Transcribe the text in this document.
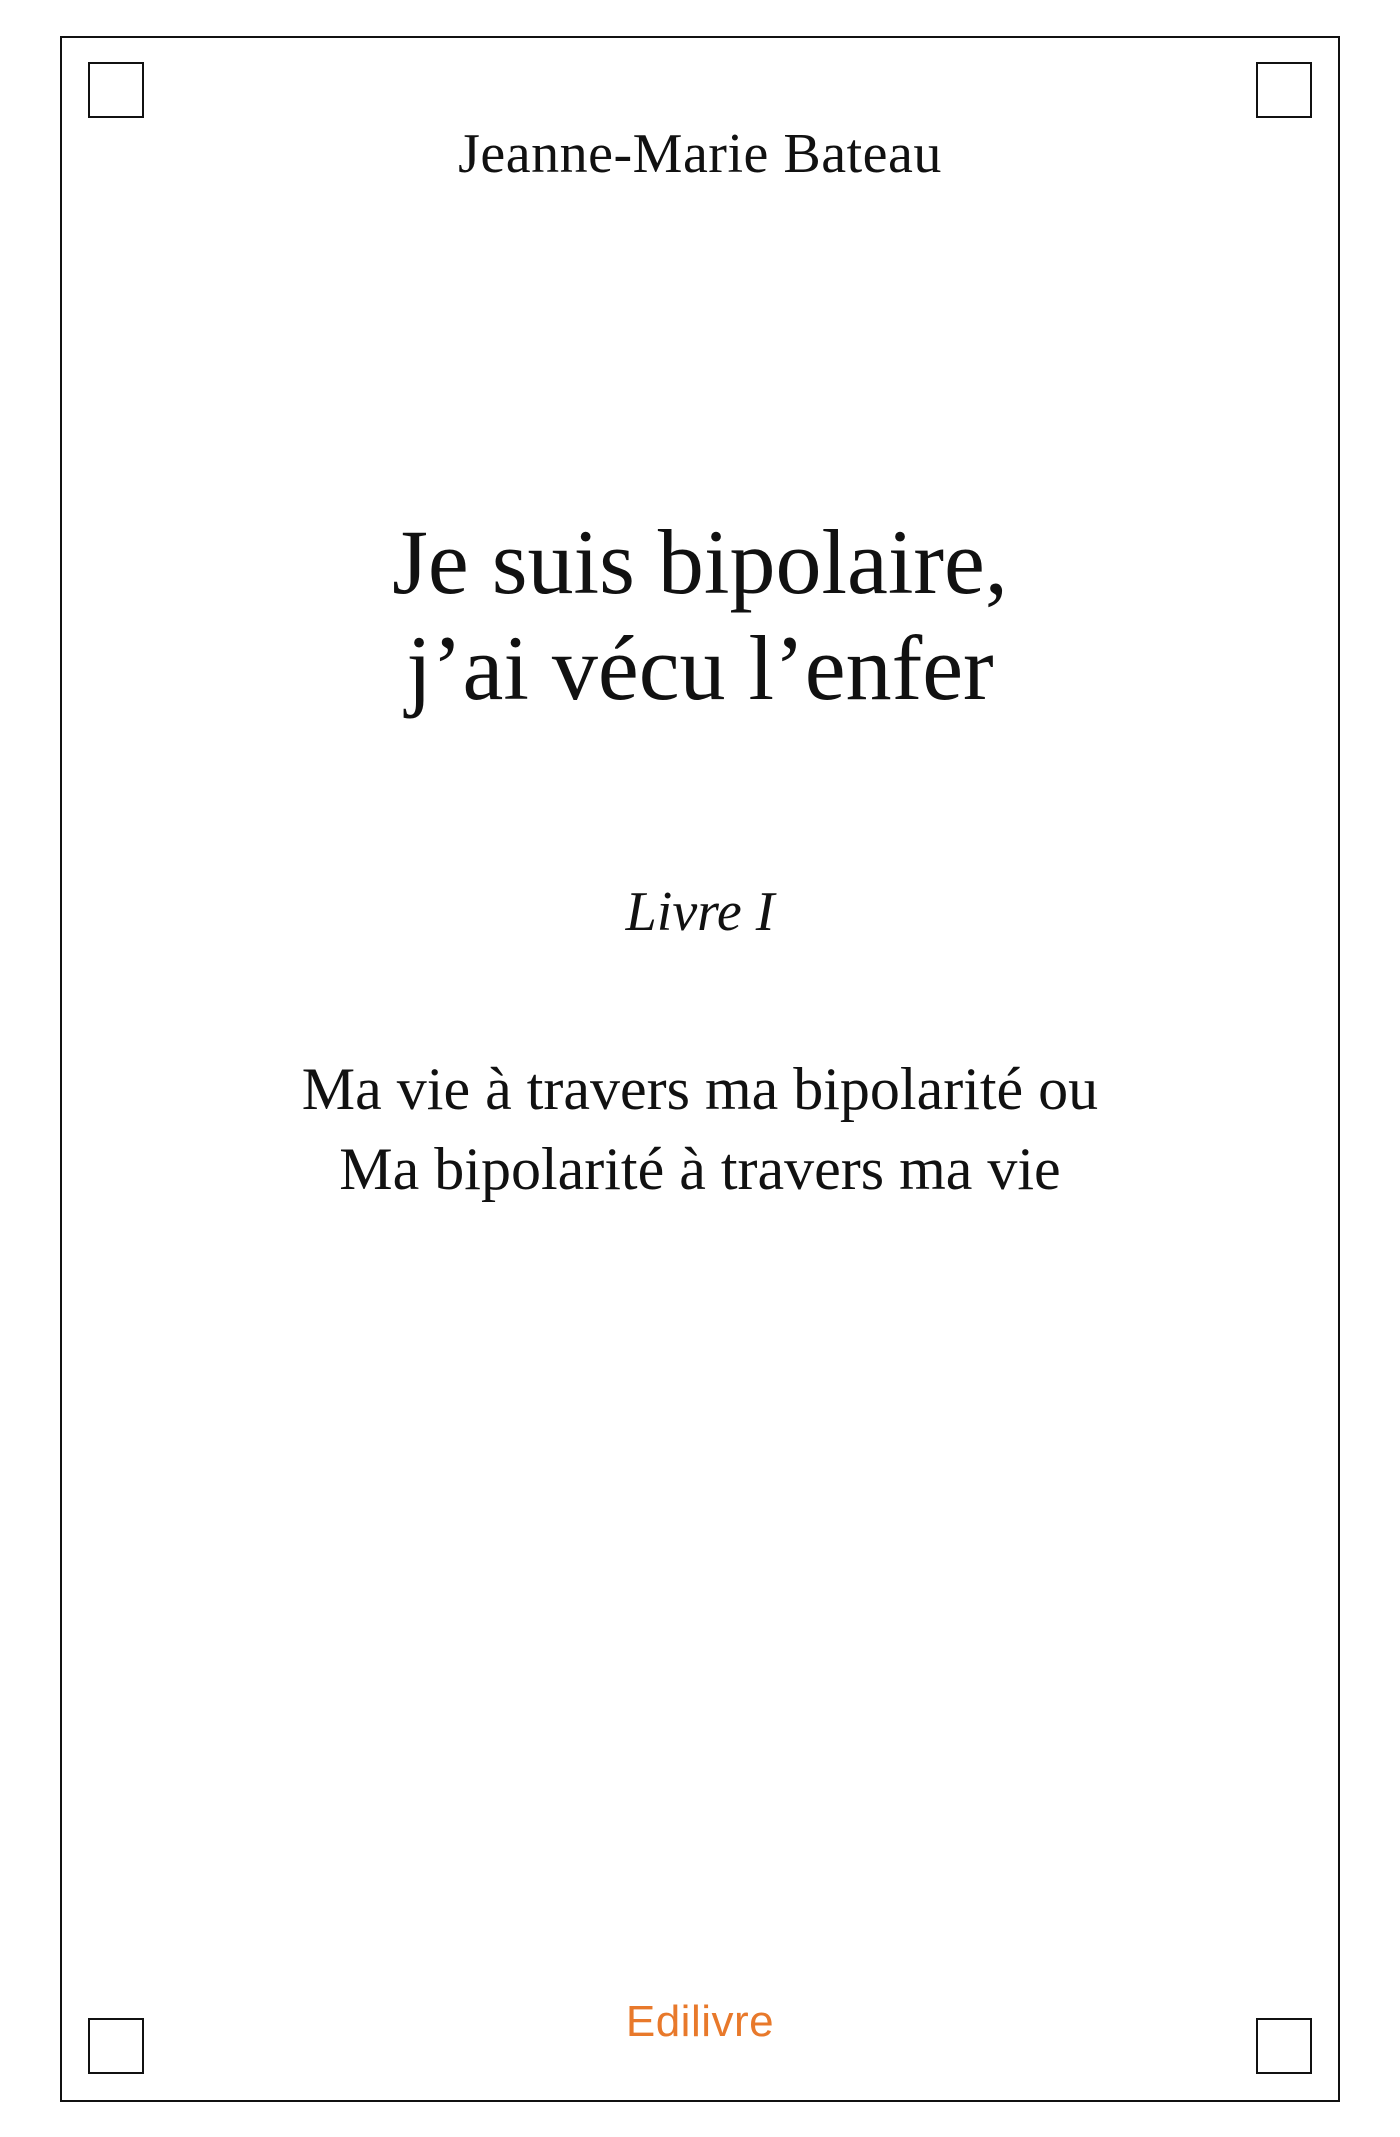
Jeanne-Marie Bateau
Je suis bipolaire,
j’ai vécu l’enfer
Livre I
Ma vie à travers ma bipolarité ou
Ma bipolarité à travers ma vie
Edilivre
